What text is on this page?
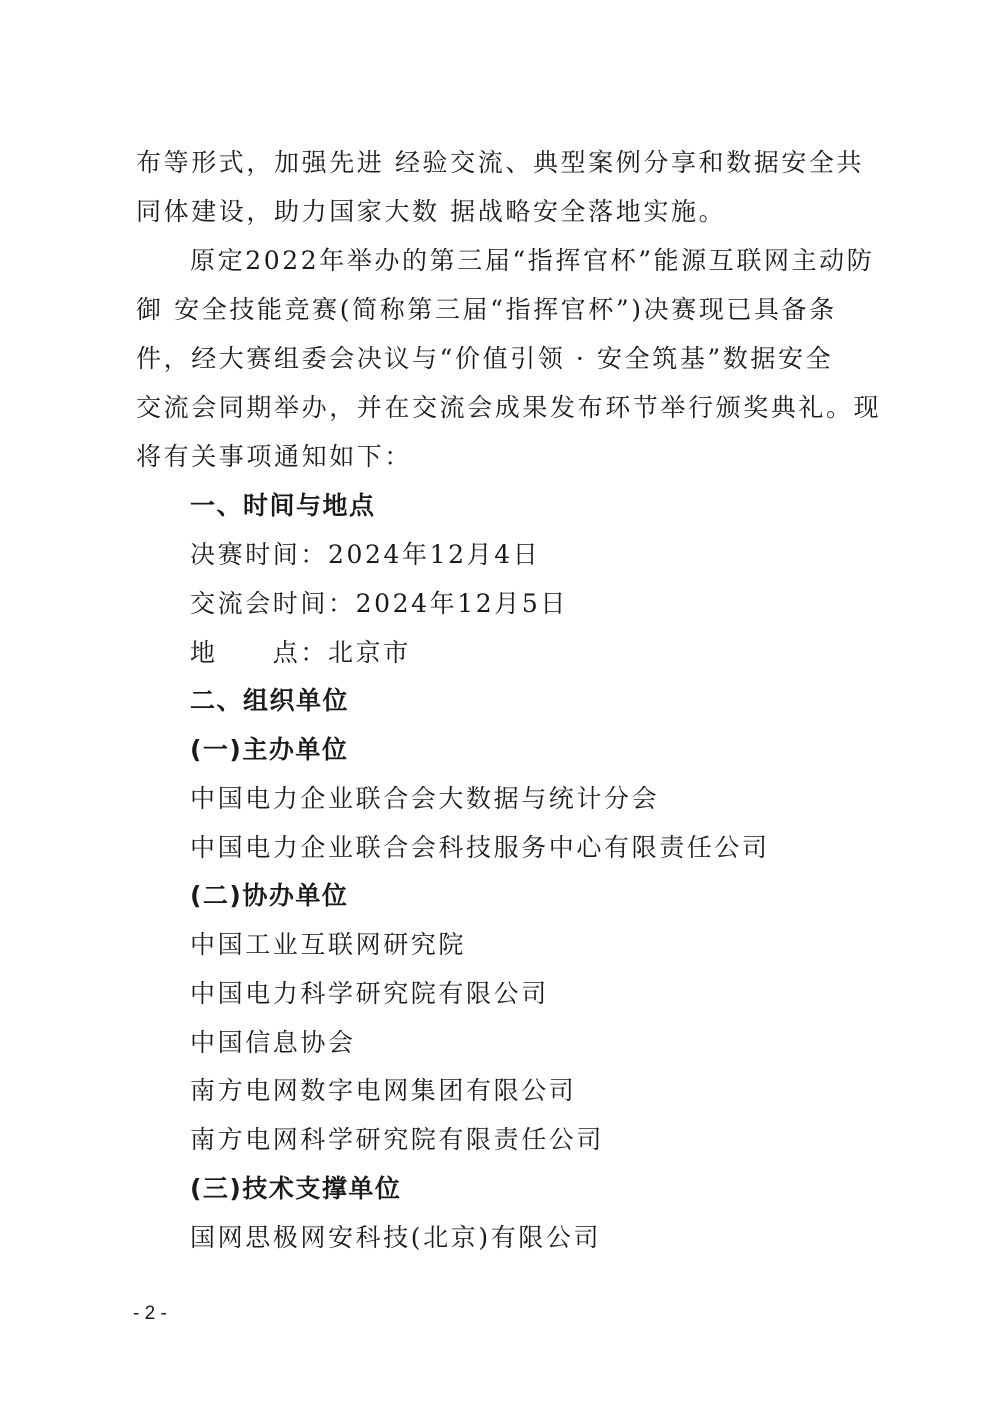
布等形式，加强先进 经验交流、典型案例分享和数据安全共
同体建设，助力国家大数 据战略安全落地实施。
原定2022年举办的第三届“指挥官杯”能源互联网主动防
御 安全技能竞赛(简称第三届“指挥官杯”)决赛现已具备条
件，经大赛组委会决议与“价值引领 · 安全筑基”数据安全
交流会同期举办，并在交流会成果发布环节举行颁奖典礼。现
将有关事项通知如下：
一、时间与地点
决赛时间：2024年12月4日
交流会时间：2024年12月5日
地　　点：北京市
二、组织单位
(一)主办单位
中国电力企业联合会大数据与统计分会
中国电力企业联合会科技服务中心有限责任公司
(二)协办单位
中国工业互联网研究院
中国电力科学研究院有限公司
中国信息协会
南方电网数字电网集团有限公司
南方电网科学研究院有限责任公司
(三)技术支撑单位
国网思极网安科技(北京)有限公司
- 2 -
